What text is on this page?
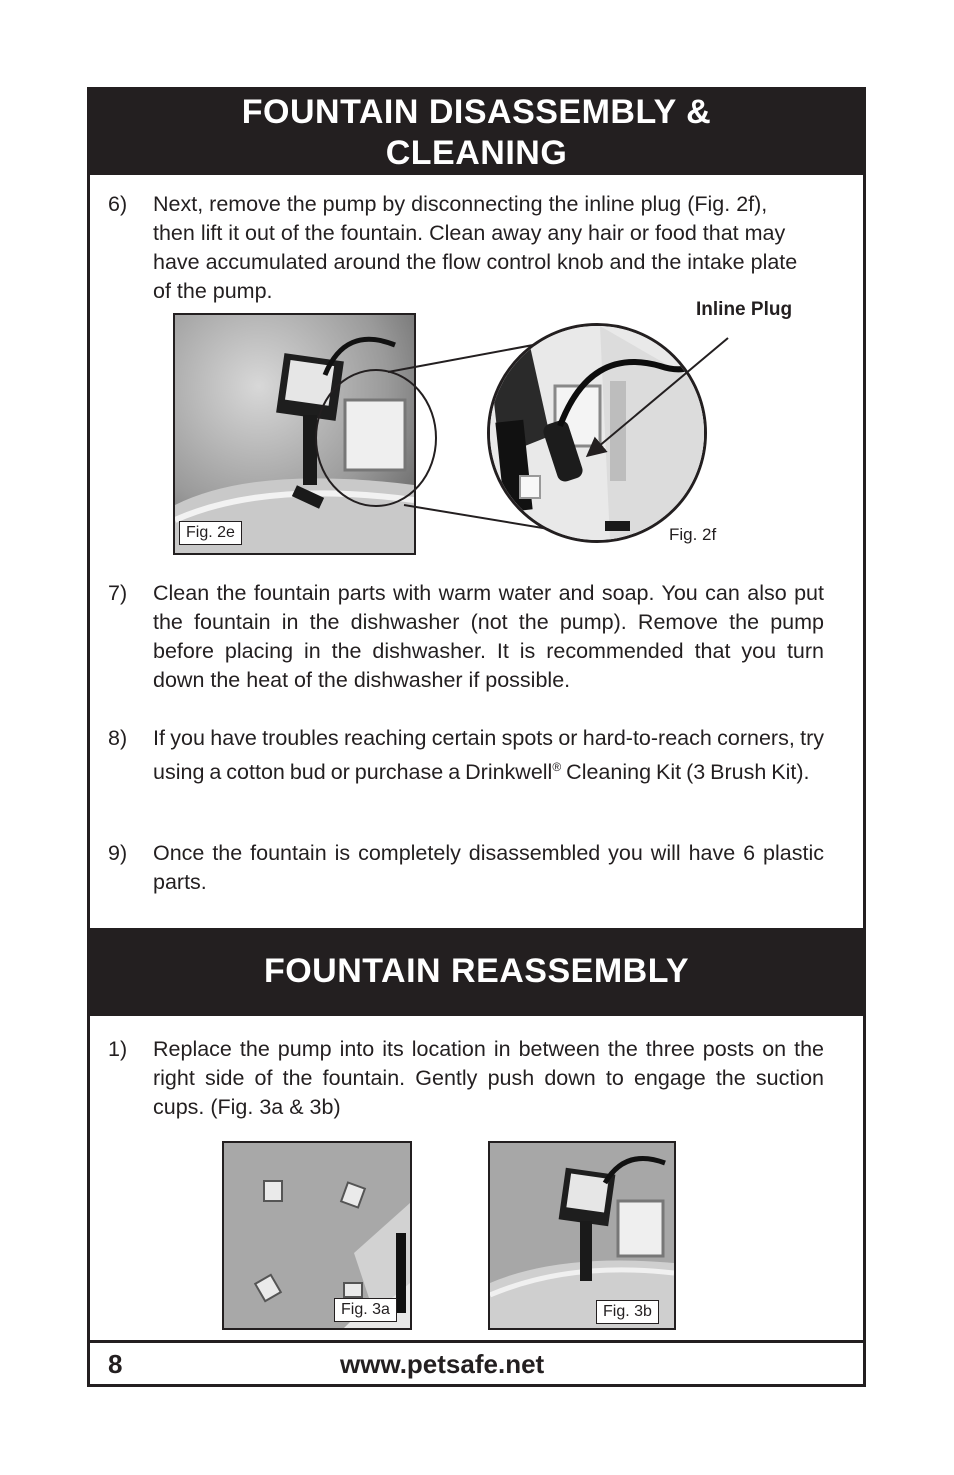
FOUNTAIN DISASSEMBLY &
CLEANING
6) Next, remove the pump by disconnecting the inline plug (Fig. 2f), then lift it out of the fountain. Clean away any hair or food that may have accumulated around the flow control knob and the intake plate of the pump.
Fig. 2e
Inline Plug
Fig. 2f
7) Clean the fountain parts with warm water and soap. You can also put the fountain in the dishwasher (not the pump). Remove the pump before placing in the dishwasher. It is recommended that you turn down the heat of the dishwasher if possible.
8) If you have troubles reaching certain spots or hard-to-reach corners, try using a cotton bud or purchase a Drinkwell® Cleaning Kit (3 Brush Kit).
9) Once the fountain is completely disassembled you will have 6 plastic parts.
FOUNTAIN REASSEMBLY
1) Replace the pump into its location in between the three posts on the right side of the fountain. Gently push down to engage the suction cups. (Fig. 3a & 3b)
Fig. 3a	Fig. 3b
8	www.petsafe.net
